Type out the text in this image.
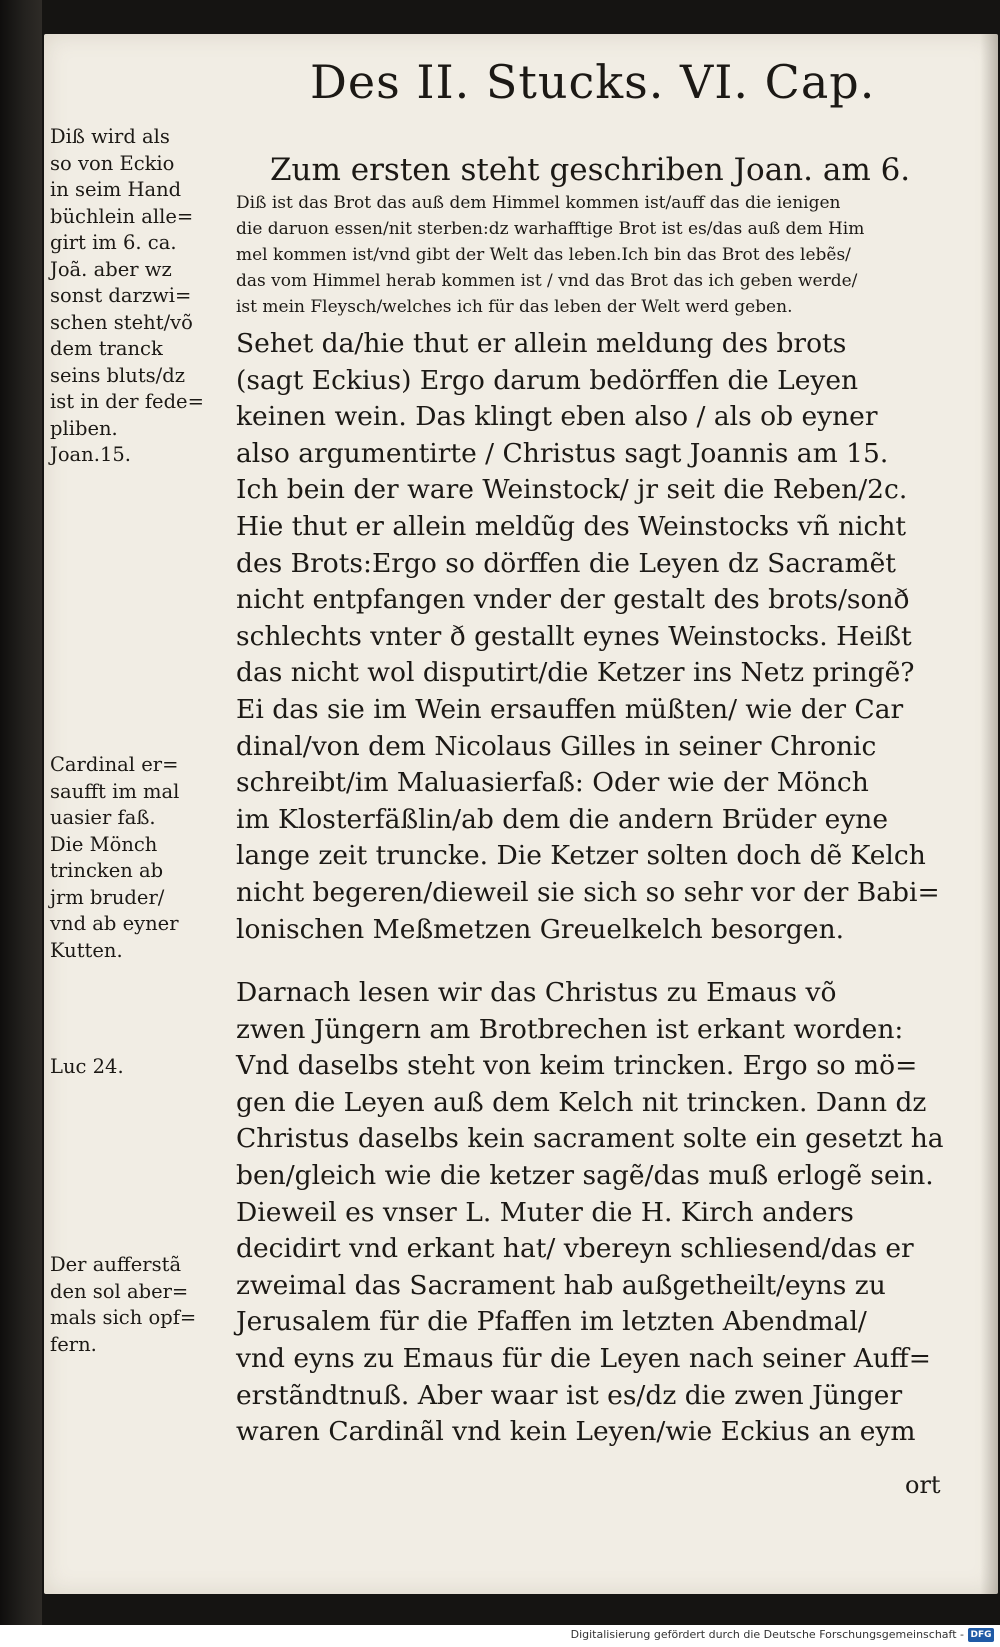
Des II. Stucks. VI. Cap.
Diß wird als
so von Eckio
in seim Hand
büchlein alle=
girt im 6. ca.
Joã. aber wz
sonst darzwi=
schen steht/võ
dem tranck
seins bluts/dz
ist in der fede=
pliben.
Joan.15.
Cardinal er=
saufft im mal
uasier faß.
Die Mönch
trincken ab
jrm bruder/
vnd ab eyner
Kutten.
Luc 24.
Der aufferstã
den sol aber=
mals sich opf=
fern.
Zum ersten steht geschriben Joan. am 6.
Diß ist das Brot das auß dem Himmel kommen ist/auff das die ienigen
die daruon essen/nit sterben:dz warhafftige Brot ist es/das auß dem Him
mel kommen ist/vnd gibt der Welt das leben.Ich bin das Brot des lebẽs/
das vom Himmel herab kommen ist / vnd das Brot das ich geben werde/
ist mein Fleysch/welches ich für das leben der Welt werd geben.
Sehet da/hie thut er allein meldung des brots
(sagt Eckius) Ergo darum bedörffen die Leyen
keinen wein. Das klingt eben also / als ob eyner
also argumentirte / Christus sagt Joannis am 15.
Ich bein der ware Weinstock/ jr seit die Reben/2c.
Hie thut er allein meldũg des Weinstocks vñ nicht
des Brots:Ergo so dörffen die Leyen dz Sacramẽt
nicht entpfangen vnder der gestalt des brots/sonð
schlechts vnter ð gestallt eynes Weinstocks. Heißt
das nicht wol disputirt/die Ketzer ins Netz pringẽ?
Ei das sie im Wein ersauffen müßten/ wie der Car
dinal/von dem Nicolaus Gilles in seiner Chronic
schreibt/im Maluasierfaß: Oder wie der Mönch
im Klosterfäßlin/ab dem die andern Brüder eyne
lange zeit truncke. Die Ketzer solten doch dẽ Kelch
nicht begeren/dieweil sie sich so sehr vor der Babi=
lonischen Meßmetzen Greuelkelch besorgen.
Darnach lesen wir das Christus zu Emaus võ
zwen Jüngern am Brotbrechen ist erkant worden:
Vnd daselbs steht von keim trincken. Ergo so mö=
gen die Leyen auß dem Kelch nit trincken. Dann dz
Christus daselbs kein sacrament solte ein gesetzt ha
ben/gleich wie die ketzer sagẽ/das muß erlogẽ sein.
Dieweil es vnser L. Muter die H. Kirch anders
decidirt vnd erkant hat/ vbereyn schliesend/das er
zweimal das Sacrament hab außgetheilt/eyns zu
Jerusalem für die Pfaffen im letzten Abendmal/
vnd eyns zu Emaus für die Leyen nach seiner Auff=
erstãndtnuß. Aber waar ist es/dz die zwen Jünger
waren Cardinãl vnd kein Leyen/wie Eckius an eym
ort
Digitalisierung gefördert durch die Deutsche Forschungsgemeinschaft - DFG
